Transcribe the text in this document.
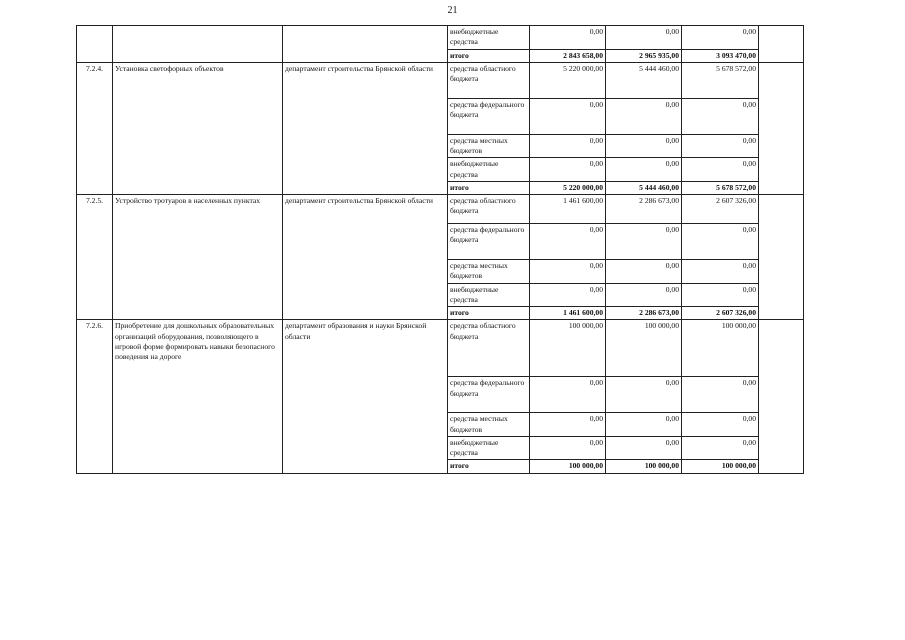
21
			внебюджетные средства	0,00	0,00	0,00	
			итого	2 843 658,00	2 965 935,00	3 093 470,00	
7.2.4.	Установка светофорных объектов	департамент строительства Брянской области	средства областного бюджета	5 220 000,00	5 444 460,00	5 678 572,00	
			средства федерального бюджета	0,00	0,00	0,00	
			средства местных бюджетов	0,00	0,00	0,00	
			внебюджетные средства	0,00	0,00	0,00	
			итого	5 220 000,00	5 444 460,00	5 678 572,00	
7.2.5.	Устройство тротуаров в населенных пунктах	департамент строительства Брянской области	средства областного бюджета	1 461 600,00	2 286 673,00	2 607 326,00	
			средства федерального бюджета	0,00	0,00	0,00	
			средства местных бюджетов	0,00	0,00	0,00	
			внебюджетные средства	0,00	0,00	0,00	
			итого	1 461 600,00	2 286 673,00	2 607 326,00	
7.2.6.	Приобретение для дошкольных образовательных организаций оборудования, позволяющего в игровой форме формировать навыки безопасного поведения на дороге	департамент образования и науки Брянской области	средства областного бюджета	100 000,00	100 000,00	100 000,00	
			средства федерального бюджета	0,00	0,00	0,00	
			средства местных бюджетов	0,00	0,00	0,00	
			внебюджетные средства	0,00	0,00	0,00	
			итого	100 000,00	100 000,00	100 000,00	
